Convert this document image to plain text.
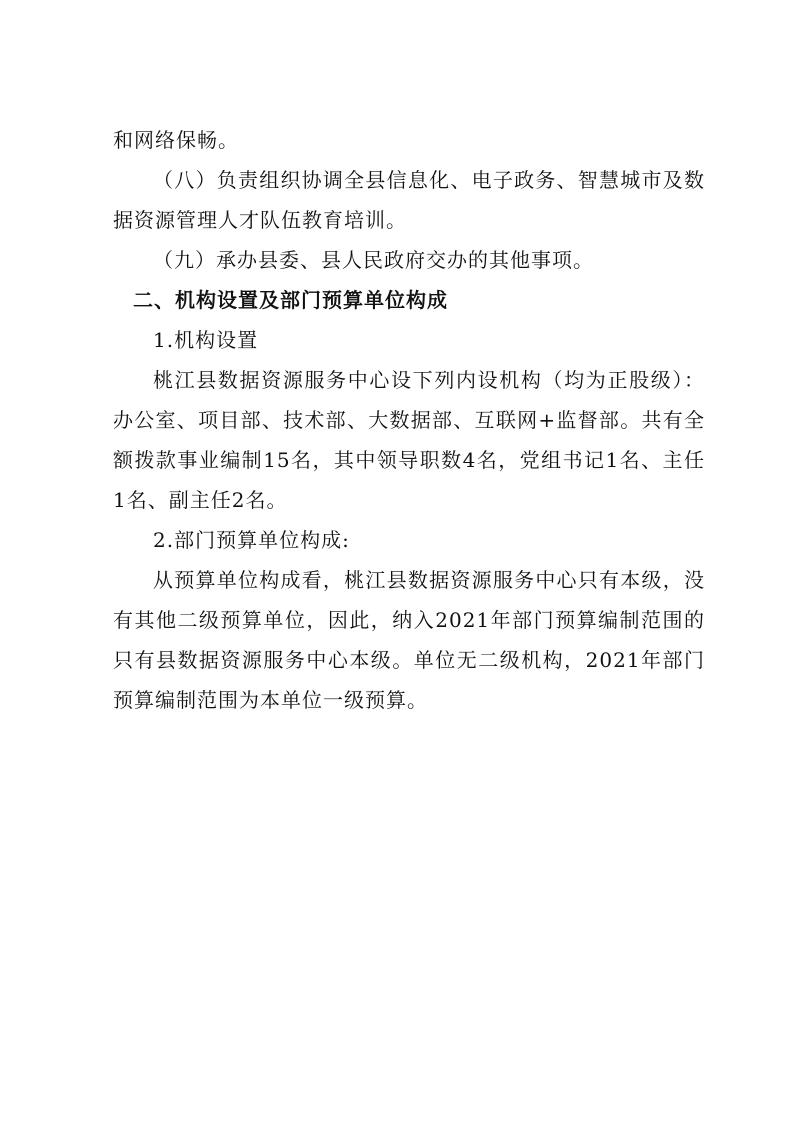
和网络保畅。

（八）负责组织协调全县信息化、电子政务、智慧城市及数据资源管理人才队伍教育培训。

（九）承办县委、县人民政府交办的其他事项。

二、机构设置及部门预算单位构成

1.机构设置

桃江县数据资源服务中心设下列内设机构（均为正股级）：办公室、项目部、技术部、大数据部、互联网+监督部。共有全额拨款事业编制15名，其中领导职数4名，党组书记1名、主任1名、副主任2名。

2.部门预算单位构成:

从预算单位构成看，桃江县数据资源服务中心只有本级，没有其他二级预算单位，因此，纳入2021年部门预算编制范围的只有县数据资源服务中心本级。单位无二级机构，2021年部门预算编制范围为本单位一级预算。
